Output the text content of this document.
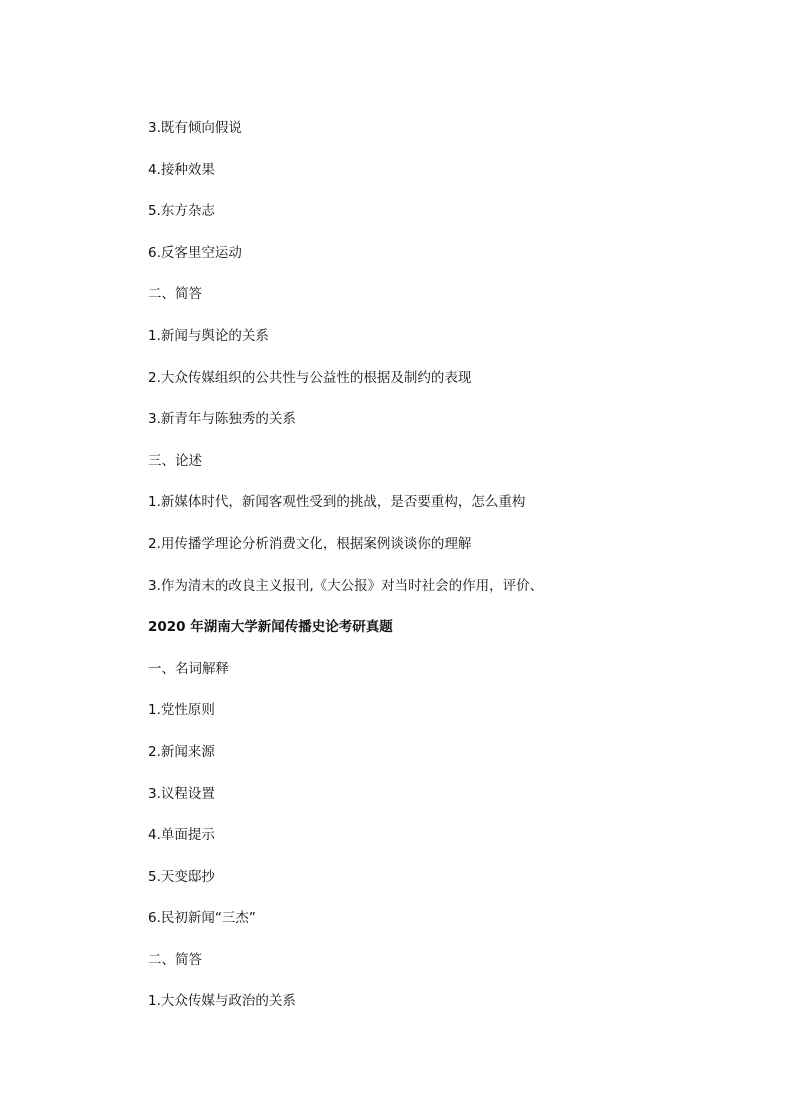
3.既有倾向假说
4.接种效果
5.东方杂志
6.反客里空运动
二、简答
1.新闻与舆论的关系
2.大众传媒组织的公共性与公益性的根据及制约的表现
3.新青年与陈独秀的关系
三、论述
1.新媒体时代，新闻客观性受到的挑战，是否要重构，怎么重构
2.用传播学理论分析消费文化，根据案例谈谈你的理解
3.作为清末的改良主义报刊,《大公报》对当时社会的作用，评价、
2020 年湖南大学新闻传播史论考研真题
一、名词解释
1.党性原则
2.新闻来源
3.议程设置
4.单面提示
5.天变邸抄
6.民初新闻“三杰”
二、简答
1.大众传媒与政治的关系
